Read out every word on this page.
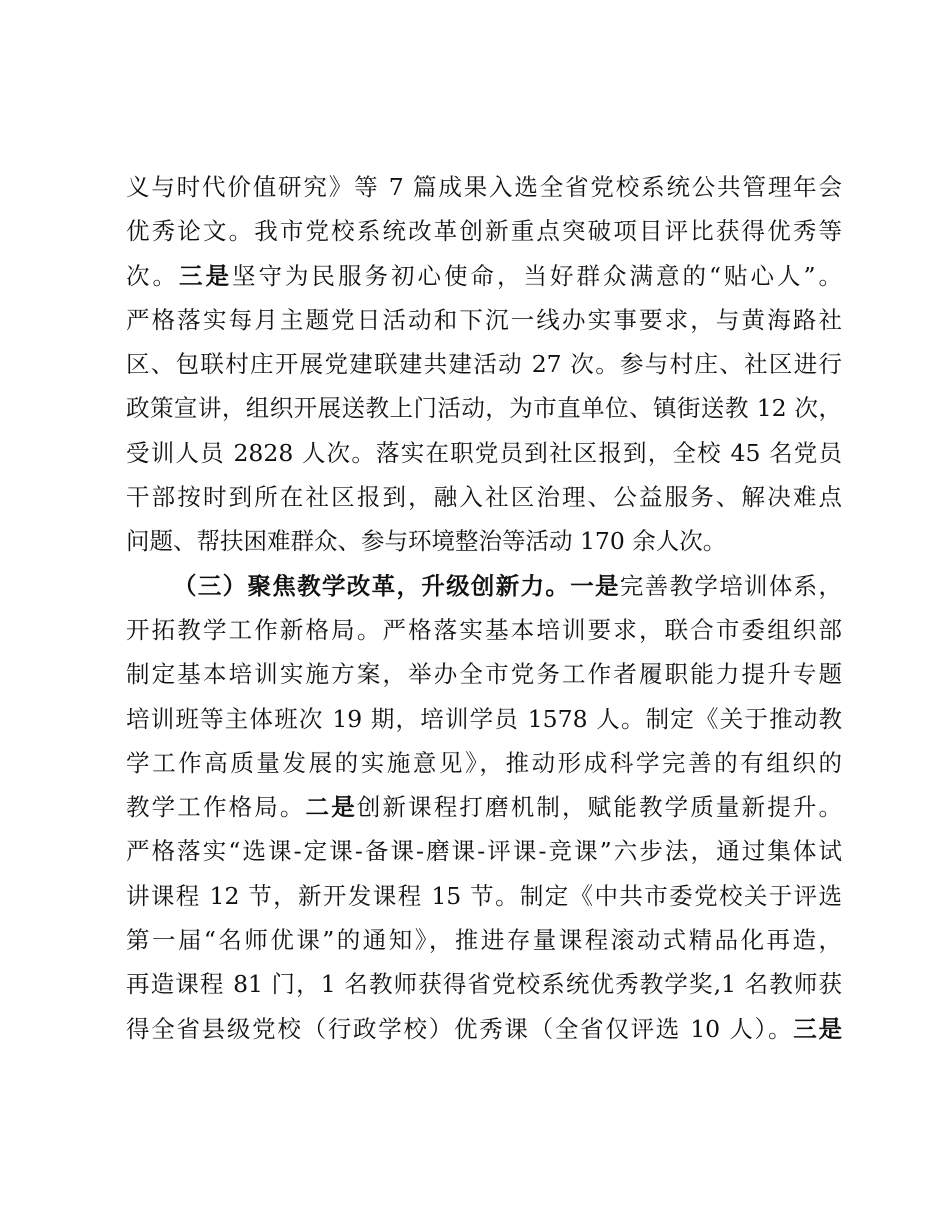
义与时代价值研究》等 7 篇成果入选全省党校系统公共管理年会
优秀论文。我市党校系统改革创新重点突破项目评比获得优秀等
次。三是坚守为民服务初心使命，当好群众满意的“贴心人”。
严格落实每月主题党日活动和下沉一线办实事要求，与黄海路社
区、包联村庄开展党建联建共建活动 27 次。参与村庄、社区进行
政策宣讲，组织开展送教上门活动，为市直单位、镇街送教 12 次，
受训人员 2828 人次。落实在职党员到社区报到，全校 45 名党员
干部按时到所在社区报到，融入社区治理、公益服务、解决难点
问题、帮扶困难群众、参与环境整治等活动 170 余人次。
（三）聚焦教学改革，升级创新力。一是完善教学培训体系，
开拓教学工作新格局。严格落实基本培训要求，联合市委组织部
制定基本培训实施方案，举办全市党务工作者履职能力提升专题
培训班等主体班次 19 期，培训学员 1578 人。制定《关于推动教
学工作高质量发展的实施意见》，推动形成科学完善的有组织的
教学工作格局。二是创新课程打磨机制，赋能教学质量新提升。
严格落实“选课-定课-备课-磨课-评课-竞课”六步法，通过集体试
讲课程 12 节，新开发课程 15 节。制定《中共市委党校关于评选
第一届“名师优课”的通知》，推进存量课程滚动式精品化再造，
再造课程 81 门，1 名教师获得省党校系统优秀教学奖,1 名教师获
得全省县级党校（行政学校）优秀课（全省仅评选 10 人）。三是
